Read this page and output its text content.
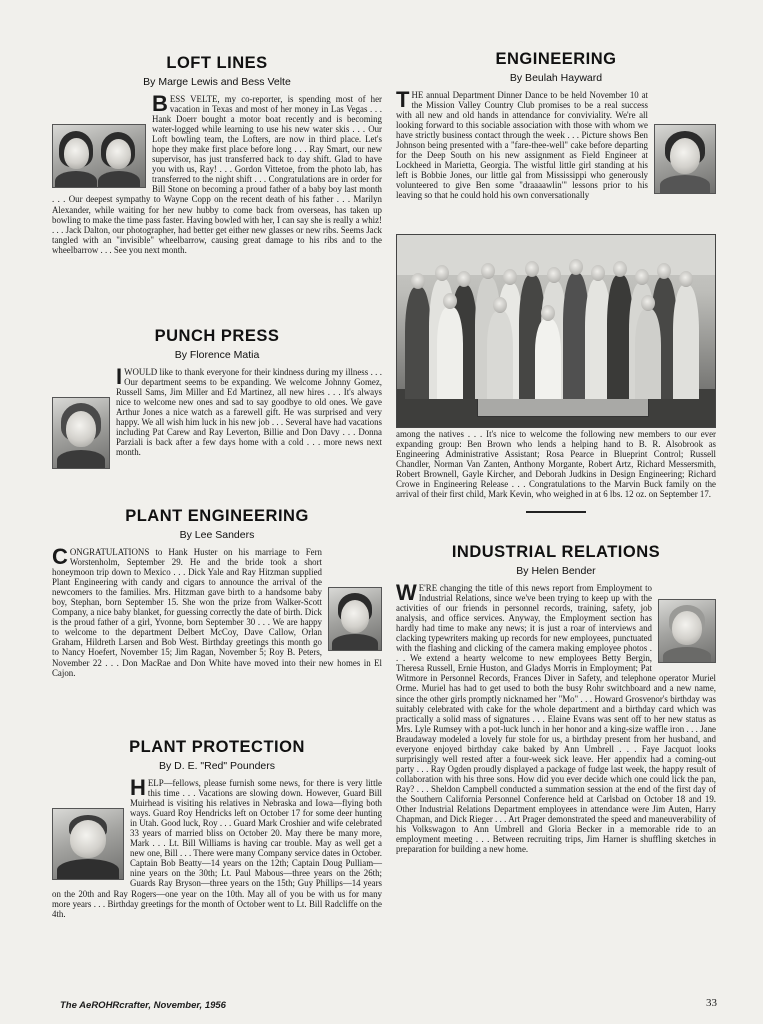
LOFT LINES
By Marge Lewis and Bess Velte

BESS VELTE, my co-reporter, is spending most of her vacation in Texas and most of her money in Las Vegas . . . Hank Doerr bought a motor boat recently and is becoming water-logged while learning to use his new water skis . . . Our Loft bowling team, the Lofters, are now in third place. Let's hope they make first place before long . . . Ray Smart, our new supervisor, has just transferred back to day shift. Glad to have you with us, Ray! . . . Gordon Vittetoe, from the photo lab, has transferred to the night shift . . . Congratulations are in order for Bill Stone on becoming a proud father of a baby boy last month . . . Our deepest sympathy to Wayne Copp on the recent death of his father . . . Marilyn Alexander, while waiting for her new hubby to come back from overseas, has taken up bowling to make the time pass faster. Having bowled with her, I can say she is really a whiz! . . . Jack Dalton, our photographer, had better get either new glasses or new ribs. Seems Jack tangled with an "invisible" wheelbarrow, causing great damage to his ribs and to the wheelbarrow . . . See you next month.

PUNCH PRESS
By Florence Matia

IWOULD like to thank everyone for their kindness during my illness . . . Our department seems to be expanding. We welcome Johnny Gomez, Russell Sams, Jim Miller and Ed Martinez, all new hires . . . It's always nice to welcome new ones and sad to say goodbye to old ones. We gave Arthur Jones a nice watch as a farewell gift. He was surprised and very happy. We all wish him luck in his new job . . . Several have had vacations including Pat Carew and Ray Leverton, Billie and Don Davy . . . Donna Parziali is back after a few days home with a cold . . . more news next month.

PLANT ENGINEERING
By Lee Sanders

CONGRATULATIONS to Hank Huster on his marriage to Fern Worstenholm, September 29. He and the bride took a short honeymoon trip down to Mexico . . . Dick Yale and Ray Hitzman supplied Plant Engineering with candy and cigars to announce the arrival of the newcomers to the families. Mrs. Hitzman gave birth to a handsome baby boy, Stephan, born September 15. She won the prize from Walker-Scott Company, a nice baby blanket, for guessing correctly the date of birth. Dick is the proud father of a girl, Yvonne, born September 30 . . . We are happy to welcome to the department Delbert McCoy, Dave Callow, Orlan Graham, Hildreth Larsen and Bob West. Birthday greetings this month go to Nancy Hoefert, November 15; Jim Ragan, November 5; Roy B. Peters, November 22 . . . Don MacRae and Don White have moved into their new homes in El Cajon.

PLANT PROTECTION
By D. E. "Red" Pounders

HELP—fellows, please furnish some news, for there is very little this time . . . Vacations are slowing down. However, Guard Bill Muirhead is visiting his relatives in Nebraska and Iowa—flying both ways. Guard Roy Hendricks left on October 17 for some deer hunting in Utah. Good luck, Roy . . . Guard Mark Croshier and wife celebrated 33 years of married bliss on October 20. May there be many more, Mark . . . Lt. Bill Williams is having car trouble. May as well get a new one, Bill . . . There were many Company service dates in October. Captain Bob Beatty—14 years on the 12th; Captain Doug Pulliam—nine years on the 30th; Lt. Paul Mabous—three years on the 26th; Guards Ray Bryson—three years on the 15th; Guy Phillips—14 years on the 20th and Ray Rogers—one year on the 10th. May all of you be with us for many more years . . . Birthday greetings for the month of October went to Lt. Bill Radcliffe on the 4th.

ENGINEERING
By Beulah Hayward

THE annual Department Dinner Dance to be held November 10 at the Mission Valley Country Club promises to be a real success with all new and old hands in attendance for conviviality. We're all looking forward to this sociable association with those with whom we have strictly business contact through the week . . . Picture shows Ben Johnson being presented with a "fare-thee-well" cake before departing for the Deep South on his new assignment as Field Engineer at Lockheed in Marietta, Georgia. The wistful little girl standing at his left is Bobbie Jones, our little gal from Mississippi who generously volunteered to give Ben some "draaaawlin'" lessons prior to his leaving so that he could hold his own conversationally

among the natives . . . It's nice to welcome the following new members to our ever expanding group: Ben Brown who lends a helping hand to B. R. Alsobrook as Engineering Administrative Assistant; Rosa Pearce in Blueprint Control; Russell Chandler, Norman Van Zanten, Anthony Morgante, Robert Artz, Richard Messersmith, Robert Brownell, Gayle Kircher, and Deborah Judkins in Design Engineering; Richard Crowe in Engineering Release . . . Congratulations to the Marvin Buck family on the arrival of their first child, Mark Kevin, who weighed in at 6 lbs. 12 oz. on September 17.

INDUSTRIAL RELATIONS
By Helen Bender

W E'RE changing the title of this news report from Employment to Industrial Relations, since we've been trying to keep up with the activities of our friends in personnel records, training, safety, job analysis, and office services. Anyway, the Employment section has hardly had time to make any news; it is just a roar of interviews and clacking typewriters making up records for new employees, punctuated with the flashing and clicking of the camera making employee photos . . . We extend a hearty welcome to new employees Betty Bergin, Theresa Russell, Ernie Huston, and Gladys Morris in Employment; Pat Witmore in Personnel Records, Frances Diver in Safety, and telephone operator Muriel Orme. Muriel has had to get used to both the busy Rohr switchboard and a new name, since the other girls promptly nicknamed her "Mo" . . . Howard Grosvenor's birthday was suitably celebrated with cake for the whole department and a birthday card which was practically a solid mass of signatures . . . Elaine Evans was sent off to her new status as Mrs. Lyle Rumsey with a pot-luck lunch in her honor and a king-size waffle iron . . . Jane Braudaway modeled a lovely fur stole for us, a birthday present from her husband, and everyone enjoyed birthday cake baked by Ann Umbrell . . . Faye Jacquot looks surprisingly well rested after a four-week sick leave. Her appendix had a coming-out party . . . Ray Ogden proudly displayed a package of fudge last week, the happy result of collaboration with his three sons. How did you ever decide which one could lick the pan, Ray? . . . Sheldon Campbell conducted a summation session at the end of the first day of the Southern California Personnel Conference held at Carlsbad on October 18 and 19. Other Industrial Relations Department employees in attendance were Jim Auten, Harry Chapman, and Dick Rieger . . . Art Prager demonstrated the speed and maneuverability of his Volkswagon to Ann Umbrell and Gloria Becker in a memorable ride to an employment meeting . . . Between recruiting trips, Jim Harner is shuffling sketches in preparation for building a new home.

The AeROHRcrafter, November, 1956	33
